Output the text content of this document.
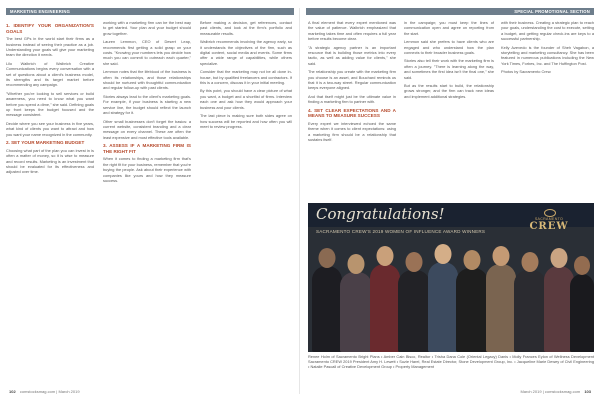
MARKETING ENGINEERING	SPECIAL PROMOTIONAL SECTION
1. IDENTIFY YOUR ORGANIZATION'S GOALS

The best GPs in the world start their firms as a business instead of seeing their practice as a job. Understanding your goals will give your marketing team the direction it needs.

Lilo Walbrich of Walbrich Creative Communications begins every conversation with a set of questions about a client's business model, its strengths and its target market before recommending any campaign.

"Whether you're looking to sell services or build awareness, you need to know what you want before you spend a dime," she said. Defining goals up front keeps the budget focused and the message consistent.

Decide where you see your business in five years, what kind of clients you want to attract and how you want your name recognized in the community.

2. SET YOUR MARKETING BUDGET

Choosing what part of the plan you can invest in is often a matter of money, so it is wise to measure and record results. Marketing is an investment that should be evaluated for its effectiveness and adjusted over time.

working with a marketing firm can be the best way to get started. Your plan and your budget should grow together.

Lauren Lemmon, CEO of Desert Leap, recommends first getting a solid grasp on your costs. "Knowing your numbers lets you decide how much you can commit to outreach each quarter," she said.

Lemmon notes that the lifeblood of the business is often its relationships, and those relationships should be nurtured with thoughtful communication and regular follow-up with past clients.

Stories always lead to the client's marketing goals. For example, if your business is starting a new service line, the budget should reflect the launch and strategy for it.

Other small businesses don't forget the basics: a current website, consistent branding and a clear message on every channel. These are often the least expensive and most effective tools available.

3. ASSESS IF A MARKETING FIRM IS THE RIGHT FIT

When it comes to finding a marketing firm that's the right fit for your business, remember that you're buying the people. Ask about their experience with companies like yours and how they measure success.

Before making a decision, get references, contact past clients, and look at the firm's portfolio and measurable results.

Walbrich recommends involving the agency early, so it understands the objectives of the firm, such as digital content, social media and events. Some firms offer a wide range of capabilities, while others specialize.

Consider that the marketing may not be all done in-house, but by qualified freelancers and contractors. If this is a concern, discuss it in your initial meeting.

By this point, you should have a clear picture of what you want, a budget and a shortlist of firms. Interview each one and ask how they would approach your business and your clients.

The last piece is making sure both sides agree on how success will be reported and how often you will meet to review progress.

A final element that every expert mentioned was the value of patience. Walbrich emphasized that marketing takes time and often requires a full year before results become clear.

"A strategic agency partner is an important resource that is building those metrics into every tactic, as well as adding value for clients," she said.

The relationship you create with the marketing firm you choose is an asset, and Bouchard reminds us that it is a two-way street. Regular communication keeps everyone aligned.

And that itself might just be the ultimate value in finding a marketing firm to partner with.

4. SET CLEAR EXPECTATIONS AND A MEANS TO MEASURE SUCCESS

Every expert we interviewed echoed the same theme when it comes to client expectations: using a marketing firm should be a relationship that sustains itself.

in the campaign; you must keep the lines of communication open and agree on reporting from the start.

Lemmon said she prefers to have clients who are engaged and who understand how the plan connects to their broader business goals.

Stories also tell their work with the marketing firm is often a journey. "There is learning along the way, and sometimes the first idea isn't the final one," she said.

But as the results start to build, the relationship grows stronger, and the firm can track new ideas and implement additional strategies.

with their business. Creating a strategic plan to reach your goals, understanding the cost to execute, setting a budget, and getting regular check-ins are keys to a successful partnership.

Kelly Azevedo is the founder of Sheh Vagabon, a storytelling and marketing consultancy. She has been featured in numerous publications including the New York Times, Forbes, Inc. and The Huffington Post.

Photos by Sacramento Crew.

Congratulations!	SACRAMENTO
CREW
SACRAMENTO CREW'S 2019 WOMEN OF INFLUENCE AWARD WINNERS
Renee Holm of Sacramento Bright Plans • Amber Cain Bisco, Realtor • Trisha Dana Cole (Oriental Legacy) Danis • Molly Frances Eylon of Wellness Development Sacramento CREW 2019 President Amy H. Lewett • Suzie Harel, Real Estate Director, Stone Development Group, Inc. • Jacqueline Marie Dewey of Civil Engineering • Natalie Pascall of Creative Development Group • Property Management
102 comstocksmag.com | March 2019	March 2019 | comstocksmag.com 103
